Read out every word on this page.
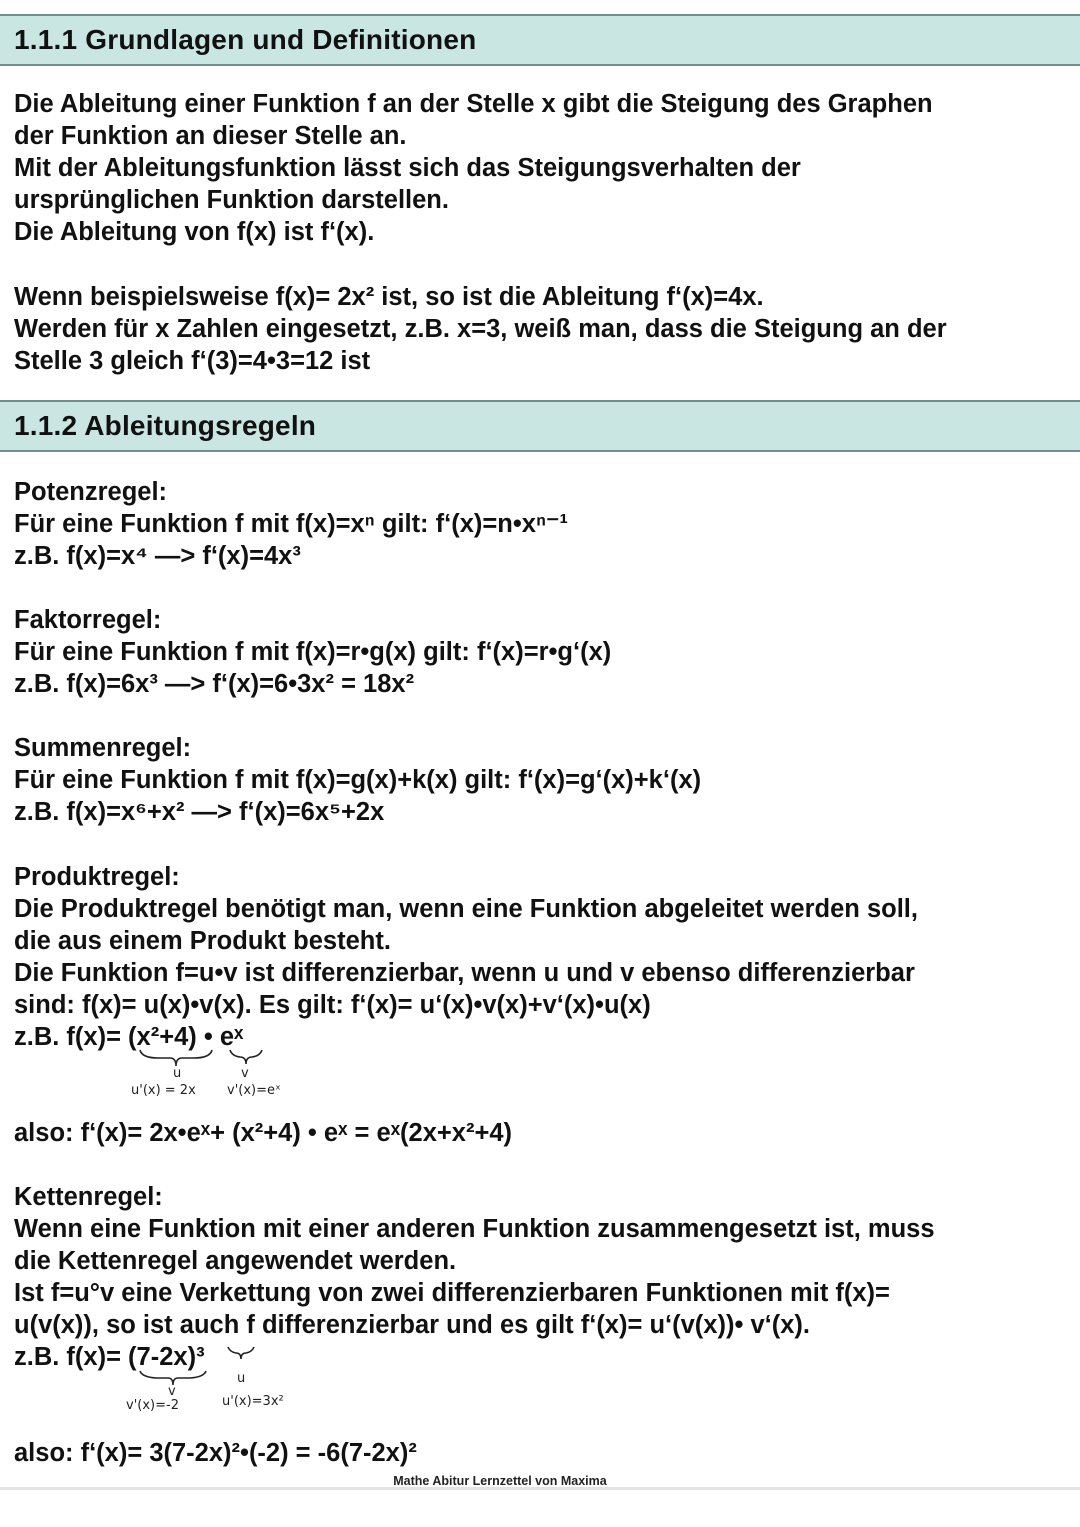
1.1.1 Grundlagen und Definitionen
Die Ableitung einer Funktion f an der Stelle x gibt die Steigung des Graphen
der Funktion an dieser Stelle an.
Mit der Ableitungsfunktion lässt sich das Steigungsverhalten der
ursprünglichen Funktion darstellen.
Die Ableitung von f(x) ist f‘(x).
Wenn beispielsweise f(x)= 2x² ist, so ist die Ableitung f‘(x)=4x.
Werden für x Zahlen eingesetzt, z.B. x=3, weiß man, dass die Steigung an der
Stelle 3 gleich f‘(3)=4•3=12 ist
1.1.2 Ableitungsregeln
Potenzregel:
Für eine Funktion f mit f(x)=xⁿ gilt: f‘(x)=n•xⁿ⁻¹
z.B. f(x)=x⁴ —> f‘(x)=4x³
Faktorregel:
Für eine Funktion f mit f(x)=r•g(x) gilt: f‘(x)=r•g‘(x)
z.B. f(x)=6x³ —> f‘(x)=6•3x² = 18x²
Summenregel:
Für eine Funktion f mit f(x)=g(x)+k(x) gilt: f‘(x)=g‘(x)+k‘(x)
z.B. f(x)=x⁶+x² —> f‘(x)=6x⁵+2x
Produktregel:
Die Produktregel benötigt man, wenn eine Funktion abgeleitet werden soll,
die aus einem Produkt besteht.
Die Funktion f=u•v ist differenzierbar, wenn u und v ebenso differenzierbar
sind: f(x)= u(x)•v(x). Es gilt: f‘(x)= u‘(x)•v(x)+v‘(x)•u(x)
z.B. f(x)= (x²+4) • eˣ
u	v
u'(x) = 2x v'(x)=eˣ
also: f‘(x)= 2x•eˣ+ (x²+4) • eˣ = eˣ(2x+x²+4)
Kettenregel:
Wenn eine Funktion mit einer anderen Funktion zusammengesetzt ist, muss
die Kettenregel angewendet werden.
Ist f=u°v eine Verkettung von zwei differenzierbaren Funktionen mit f(x)=
u(v(x)), so ist auch f differenzierbar und es gilt f‘(x)= u‘(v(x))• v‘(x).
z.B. f(x)= (7-2x)³
u
v
v'(x)=-2	u'(x)=3x²
also: f‘(x)= 3(7-2x)²•(-2) = -6(7-2x)²
Mathe Abitur Lernzettel von Maxima
